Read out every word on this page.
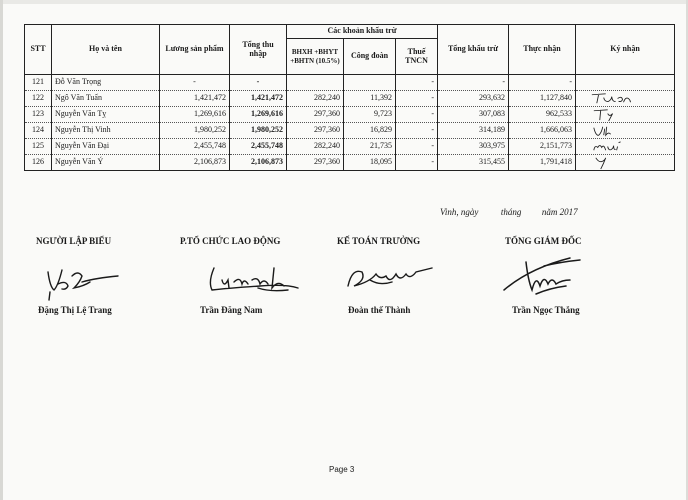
STT	Họ và tên	Lương sản phẩm	Tổng thu nhập	Các khoản khấu trừ			Tổng khấu trừ	Thực nhận	Ký nhận
				BHXH +BHYT +BHTN (10.5%)	Công đoàn	Thuế TNCN			
121	Đỗ Văn Trọng	-	-			-	-	-	
122	Ngô Văn Tuấn	1,421,472	1,421,472	282,240	11,392	-	293,632	1,127,840	

123	Nguyễn Văn Tỵ	1,269,616	1,269,616	297,360	9,723	-	307,083	962,533	

124	Nguyễn Thị Vinh	1,980,252	1,980,252	297,360	16,829	-	314,189	1,666,063	

125	Nguyễn Văn Đại	2,455,748	2,455,748	282,240	21,735	-	303,975	2,151,773	

126	Nguyễn Văn Ý	2,106,873	2,106,873	297,360	18,095	-	315,455	1,791,418	
Vinh, ngày	tháng năm 2017
NGƯỜI LẬP BIỂU	P.TỔ CHỨC LAO ĐỘNG	KẾ TOÁN TRƯỞNG	TỔNG GIÁM ĐỐC
Đặng Thị Lệ Trang	Trần Đăng Nam	Đoàn thế Thành	Trần Ngọc Thắng
Page 3
